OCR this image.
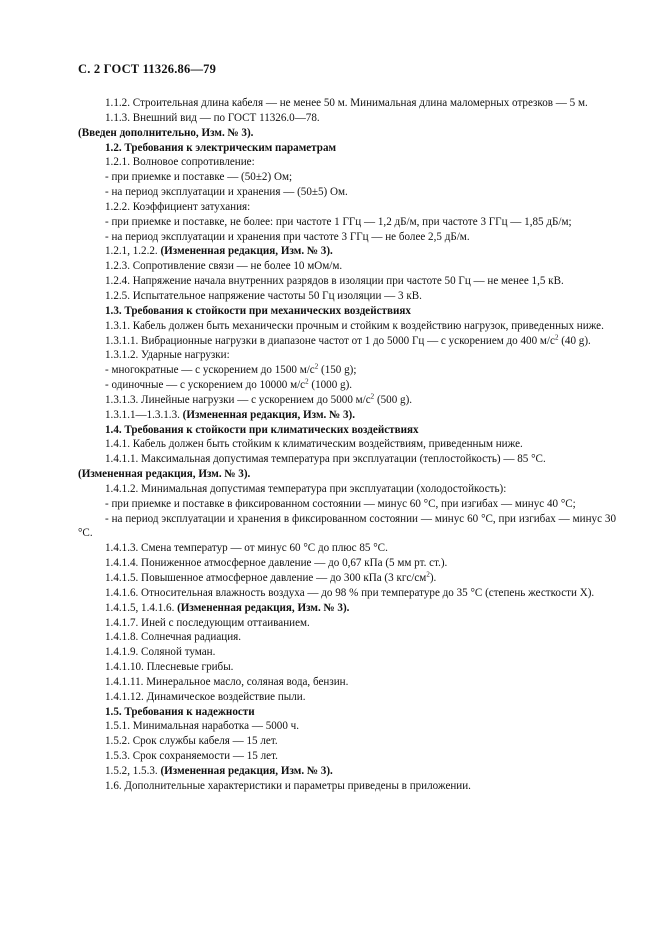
С. 2 ГОСТ 11326.86—79

1.1.2. Строительная длина кабеля — не менее 50 м. Минимальная длина маломерных отрезков — 5 м.

1.1.3. Внешний вид — по ГОСТ 11326.0—78.

(Введен дополнительно, Изм. № 3).

1.2. Требования к электрическим параметрам

1.2.1. Волновое сопротивление:

- при приемке и поставке — (50±2) Ом;

- на период эксплуатации и хранения — (50±5) Ом.

1.2.2. Коэффициент затухания:

- при приемке и поставке, не более: при частоте 1 ГГц — 1,2 дБ/м, при частоте 3 ГГц — 1,85 дБ/м;

- на период эксплуатации и хранения при частоте 3 ГГц — не более 2,5 дБ/м.

1.2.1, 1.2.2. (Измененная редакция, Изм. № 3).

1.2.3. Сопротивление связи — не более 10 мОм/м.

1.2.4. Напряжение начала внутренних разрядов в изоляции при частоте 50 Гц — не менее 1,5 кВ.

1.2.5. Испытательное напряжение частоты 50 Гц изоляции — 3 кВ.

1.3. Требования к стойкости при механических воздействиях

1.3.1. Кабель должен быть механически прочным и стойким к воздействию нагрузок, приведенных ниже.

1.3.1.1. Вибрационные нагрузки в диапазоне частот от 1 до 5000 Гц — с ускорением до 400 $м/с^2$ (40 g).

1.3.1.2. Ударные нагрузки:

- многократные — с ускорением до 1500 $м/с^2$ (150 g);

- одиночные — с ускорением до 10000 $м/с^2$ (1000 g).

1.3.1.3. Линейные нагрузки — с ускорением до 5000 $м/с^2$ (500 g).

1.3.1.1—1.3.1.3. (Измененная редакция, Изм. № 3).

1.4. Требования к стойкости при климатических воздействиях

1.4.1. Кабель должен быть стойким к климатическим воздействиям, приведенным ниже.

1.4.1.1. Максимальная допустимая температура при эксплуатации (теплостойкость) — 85 °С.

(Измененная редакция, Изм. № 3).

1.4.1.2. Минимальная допустимая температура при эксплуатации (холодостойкость):

- при приемке и поставке в фиксированном состоянии — минус 60 °С, при изгибах — минус 40 °С;

- на период эксплуатации и хранения в фиксированном состоянии — минус 60 °С, при изгибах — минус 30 °С.

1.4.1.3. Смена температур — от минус 60 °С до плюс 85 °С.

1.4.1.4. Пониженное атмосферное давление — до 0,67 кПа (5 мм рт. ст.).

1.4.1.5. Повышенное атмосферное давление — до 300 кПа (3 кгс/$см^2$).

1.4.1.6. Относительная влажность воздуха — до 98 % при температуре до 35 °С (степень жесткости X).

1.4.1.5, 1.4.1.6. (Измененная редакция, Изм. № 3).

1.4.1.7. Иней с последующим оттаиванием.

1.4.1.8. Солнечная радиация.

1.4.1.9. Соляной туман.

1.4.1.10. Плесневые грибы.

1.4.1.11. Минеральное масло, соляная вода, бензин.

1.4.1.12. Динамическое воздействие пыли.

1.5. Требования к надежности

1.5.1. Минимальная наработка — 5000 ч.

1.5.2. Срок службы кабеля — 15 лет.

1.5.3. Срок сохраняемости — 15 лет.

1.5.2, 1.5.3. (Измененная редакция, Изм. № 3).

1.6. Дополнительные характеристики и параметры приведены в приложении.
